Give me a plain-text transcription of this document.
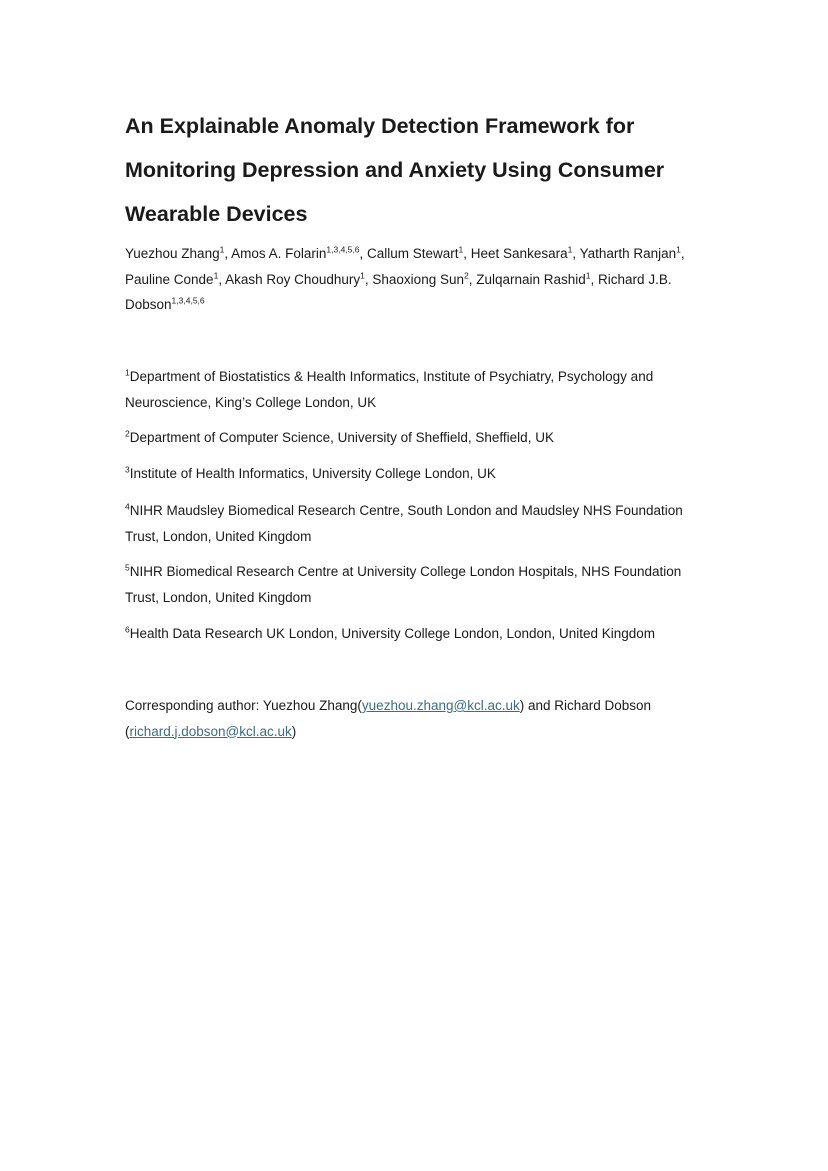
An Explainable Anomaly Detection Framework for
Monitoring Depression and Anxiety Using Consumer
Wearable Devices
Yuezhou Zhang$^1$, Amos A. Folarin$^{1,3,4,5,6}$, Callum Stewart$^1$, Heet Sankesara$^1$, Yatharth Ranjan$^1$,
Pauline Conde$^1$, Akash Roy Choudhury$^1$, Shaoxiong Sun$^2$, Zulqarnain Rashid$^1$, Richard J.B.
Dobson$^{1,3,4,5,6}$

$^1$Department of Biostatistics & Health Informatics, Institute of Psychiatry, Psychology and
Neuroscience, King’s College London, UK

$^2$Department of Computer Science, University of Sheffield, Sheffield, UK

$^3$Institute of Health Informatics, University College London, UK

$^4$NIHR Maudsley Biomedical Research Centre, South London and Maudsley NHS Foundation
Trust, London, United Kingdom

$^5$NIHR Biomedical Research Centre at University College London Hospitals, NHS Foundation
Trust, London, United Kingdom

$^6$Health Data Research UK London, University College London, London, United Kingdom

Corresponding author: Yuezhou Zhang(yuezhou.zhang@kcl.ac.uk) and Richard Dobson
(richard.j.dobson@kcl.ac.uk)
